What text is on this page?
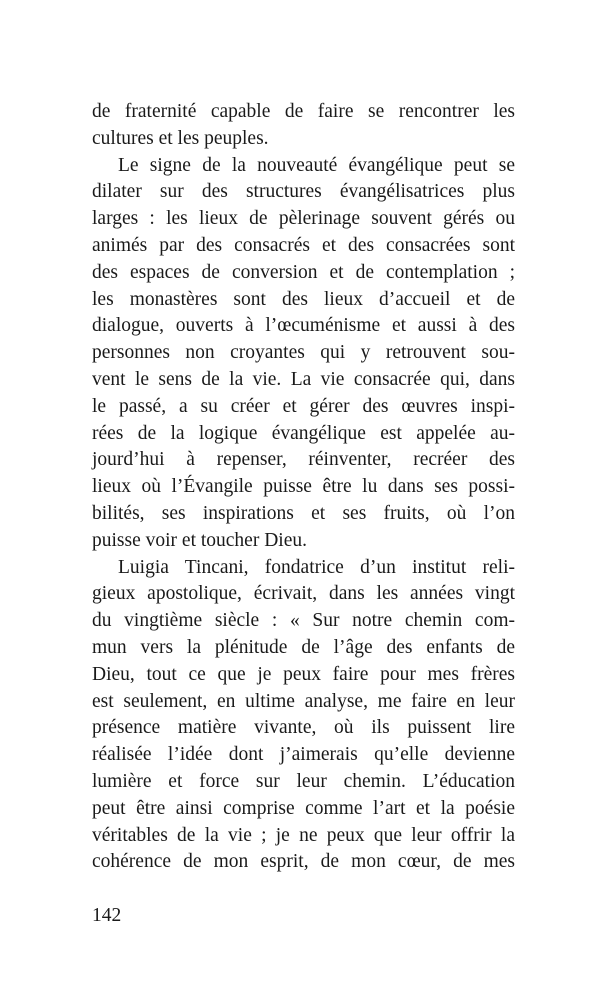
de fraternité capable de faire se rencontrer les
cultures et les peuples.
Le signe de la nouveauté évangélique peut se
dilater sur des structures évangélisatrices plus
larges : les lieux de pèlerinage souvent gérés ou
animés par des consacrés et des consacrées sont
des espaces de conversion et de contemplation ;
les monastères sont des lieux d’accueil et de
dialogue, ouverts à l’œcuménisme et aussi à des
personnes non croyantes qui y retrouvent sou-
vent le sens de la vie. La vie consacrée qui, dans
le passé, a su créer et gérer des œuvres inspi-
rées de la logique évangélique est appelée au-
jourd’hui à repenser, réinventer, recréer des
lieux où l’Évangile puisse être lu dans ses possi-
bilités, ses inspirations et ses fruits, où l’on
puisse voir et toucher Dieu.
Luigia Tincani, fondatrice d’un institut reli-
gieux apostolique, écrivait, dans les années vingt
du vingtième siècle : « Sur notre chemin com-
mun vers la plénitude de l’âge des enfants de
Dieu, tout ce que je peux faire pour mes frères
est seulement, en ultime analyse, me faire en leur
présence matière vivante, où ils puissent lire
réalisée l’idée dont j’aimerais qu’elle devienne
lumière et force sur leur chemin. L’éducation
peut être ainsi comprise comme l’art et la poésie
véritables de la vie ; je ne peux que leur offrir la
cohérence de mon esprit, de mon cœur, de mes
142
